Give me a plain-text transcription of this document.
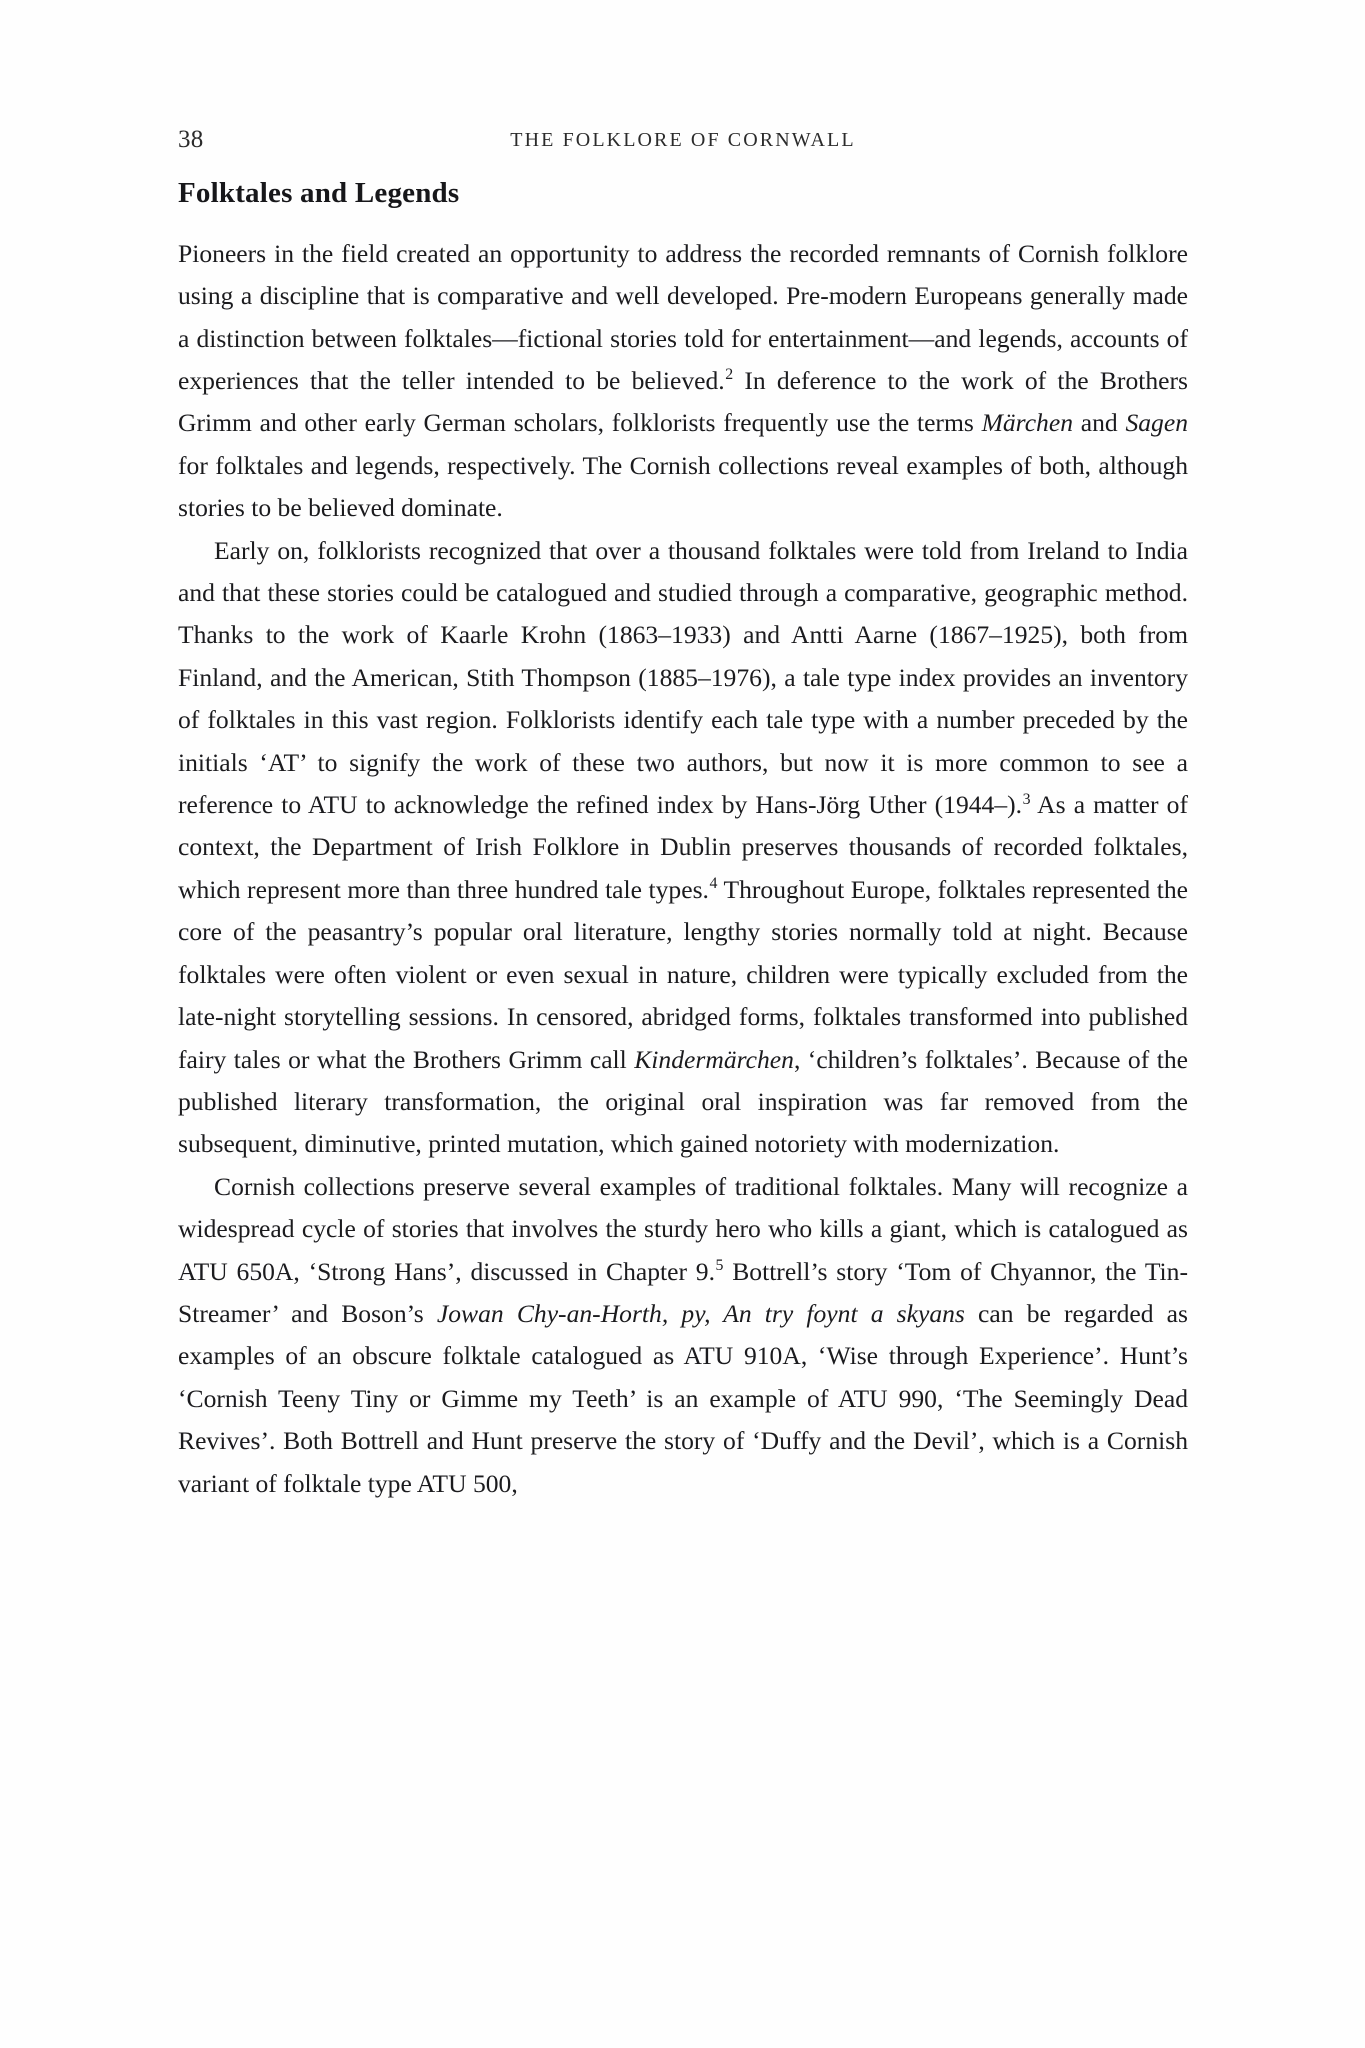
38	THE FOLKLORE OF CORNWALL
Folktales and Legends

Pioneers in the field created an opportunity to address the recorded remnants of Cornish folklore using a discipline that is comparative and well developed. Pre-modern Europeans generally made a distinction between folktales—fictional stories told for entertainment—and legends, accounts of experiences that the teller intended to be believed.$^2$ In deference to the work of the Brothers Grimm and other early German scholars, folklorists frequently use the terms Märchen and Sagen for folktales and legends, respectively. The Cornish collections reveal examples of both, although stories to be believed dominate.

Early on, folklorists recognized that over a thousand folktales were told from Ireland to India and that these stories could be catalogued and studied through a comparative, geographic method. Thanks to the work of Kaarle Krohn (1863–1933) and Antti Aarne (1867–1925), both from Finland, and the American, Stith Thompson (1885–1976), a tale type index provides an inventory of folktales in this vast region. Folklorists identify each tale type with a number preceded by the initials ‘AT’ to signify the work of these two authors, but now it is more common to see a reference to ATU to acknowledge the refined index by Hans-Jörg Uther (1944–).$^3$ As a matter of context, the Department of Irish Folklore in Dublin preserves thousands of recorded folktales, which represent more than three hundred tale types.$^4$ Throughout Europe, folktales represented the core of the peasantry’s popular oral literature, lengthy stories normally told at night. Because folktales were often violent or even sexual in nature, children were typically excluded from the late-night storytelling sessions. In censored, abridged forms, folktales transformed into published fairy tales or what the Brothers Grimm call Kindermärchen, ‘children’s folktales’. Because of the published literary transformation, the original oral inspiration was far removed from the subsequent, diminutive, printed mutation, which gained notoriety with modernization.

Cornish collections preserve several examples of traditional folktales. Many will recognize a widespread cycle of stories that involves the sturdy hero who kills a giant, which is catalogued as ATU 650A, ‘Strong Hans’, discussed in Chapter 9.$^5$ Bottrell’s story ‘Tom of Chyannor, the Tin-Streamer’ and Boson’s Jowan Chy-an-Horth, py, An try foynt a skyans can be regarded as examples of an obscure folktale catalogued as ATU 910A, ‘Wise through Experience’. Hunt’s ‘Cornish Teeny Tiny or Gimme my Teeth’ is an example of ATU 990, ‘The Seemingly Dead Revives’. Both Bottrell and Hunt preserve the story of ‘Duffy and the Devil’, which is a Cornish variant of folktale type ATU 500,
